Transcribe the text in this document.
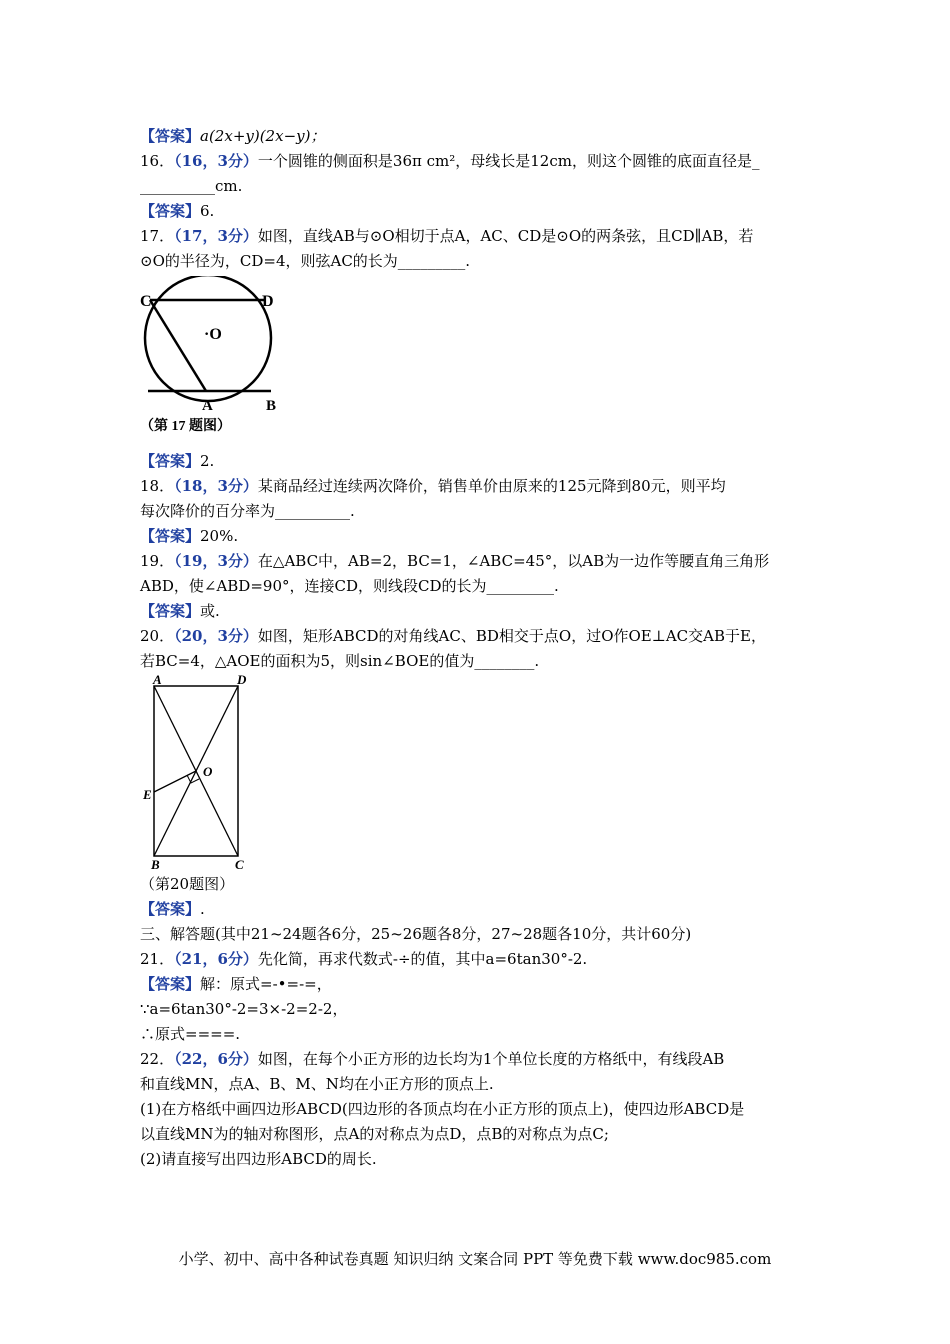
【答案】a(2x+y)(2x−y)；
16．（16，3分）一个圆锥的侧面积是36π cm²，母线长是12cm，则这个圆锥的底面直径是_
__________cm.
【答案】6.
17．（17，3分）如图，直线AB与⊙O相切于点A，AC、CD是⊙O的两条弦，且CD∥AB，若
⊙O的半径为，CD=4，则弦AC的长为_________.
C	D
·O
A	B
（第 17 题图）
【答案】2.
18．（18，3分）某商品经过连续两次降价，销售单价由原来的125元降到80元，则平均
每次降价的百分率为__________.
【答案】20%.
19．（19，3分）在△ABC中，AB=2，BC=1，∠ABC=45°，以AB为一边作等腰直角三角形
ABD，使∠ABD=90°，连接CD，则线段CD的长为_________.
【答案】或.
20．（20，3分）如图，矩形ABCD的对角线AC、BD相交于点O，过O作OE⊥AC交AB于E，
若BC=4，△AOE的面积为5，则sin∠BOE的值为________.
A	D
O
E
B	C
（第20题图）
【答案】.
三、解答题(其中21~24题各6分，25~26题各8分，27~28题各10分，共计60分)
21．（21，6分）先化简，再求代数式-÷的值，其中a=6tan30°-2.
【答案】解：原式=-•=-=，
∵a=6tan30°-2=3×-2=2-2，
∴原式====.
22．（22，6分）如图，在每个小正方形的边长均为1个单位长度的方格纸中，有线段AB
和直线MN，点A、B、M、N均在小正方形的顶点上.
(1)在方格纸中画四边形ABCD(四边形的各顶点均在小正方形的顶点上)，使四边形ABCD是
以直线MN为的轴对称图形，点A的对称点为点D，点B的对称点为点C;
(2)请直接写出四边形ABCD的周长.
小学、初中、高中各种试卷真题 知识归纳 文案合同 PPT 等免费下载 www.doc985.com
